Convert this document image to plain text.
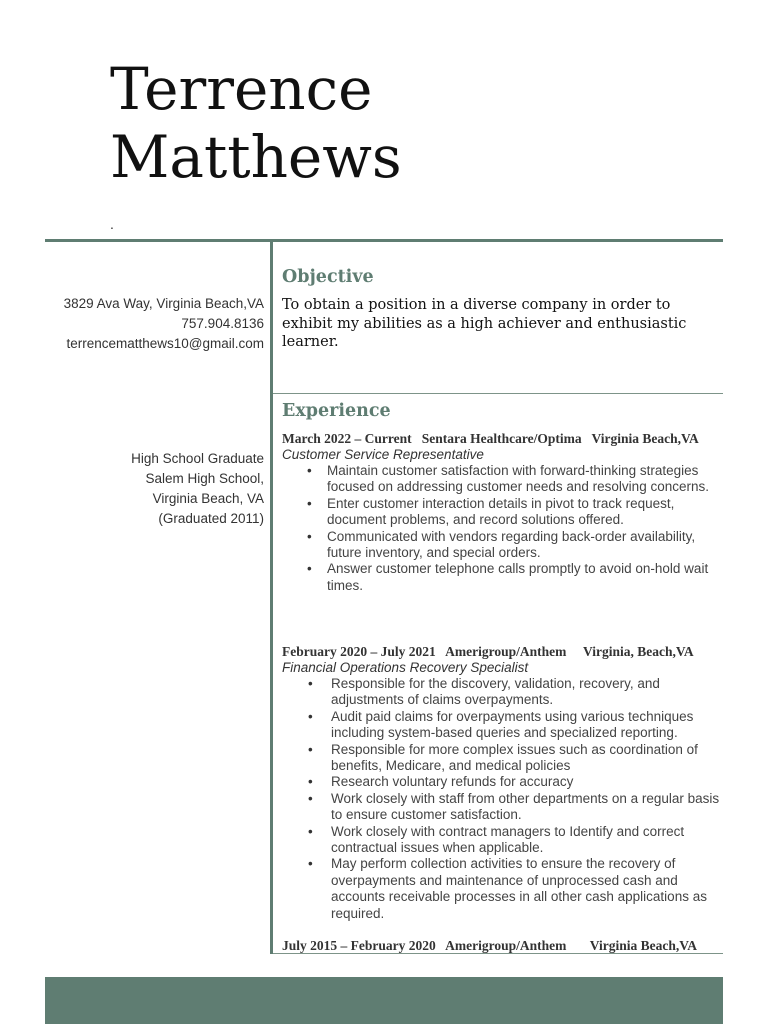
Terrence
Matthews
.
3829 Ava Way, Virginia Beach,VA
757.904.8136
terrencematthews10@gmail.com
High School Graduate
Salem High School,
Virginia Beach, VA
(Graduated 2011)
Objective
To obtain a position in a diverse company in order to exhibit my abilities as a high achiever and enthusiastic learner.
Experience
March 2022 – Current   Sentara Healthcare/Optima   Virginia Beach,VA
Customer Service Representative
• Maintain customer satisfaction with forward-thinking strategies focused on addressing customer needs and resolving concerns.
• Enter customer interaction details in pivot to track request, document problems, and record solutions offered.
• Communicated with vendors regarding back-order availability, future inventory, and special orders.
• Answer customer telephone calls promptly to avoid on-hold wait times.
February 2020 – July 2021   Amerigroup/Anthem     Virginia, Beach,VA
Financial Operations Recovery Specialist
• Responsible for the discovery, validation, recovery, and adjustments of claims overpayments.
• Audit paid claims for overpayments using various techniques including system-based queries and specialized reporting.
• Responsible for more complex issues such as coordination of benefits, Medicare, and medical policies
• Research voluntary refunds for accuracy
• Work closely with staff from other departments on a regular basis to ensure customer satisfaction.
• Work closely with contract managers to Identify and correct contractual issues when applicable.
• May perform collection activities to ensure the recovery of overpayments and maintenance of unprocessed cash and accounts receivable processes in all other cash applications as required.
July 2015 – February 2020   Amerigroup/Anthem       Virginia Beach,VA
